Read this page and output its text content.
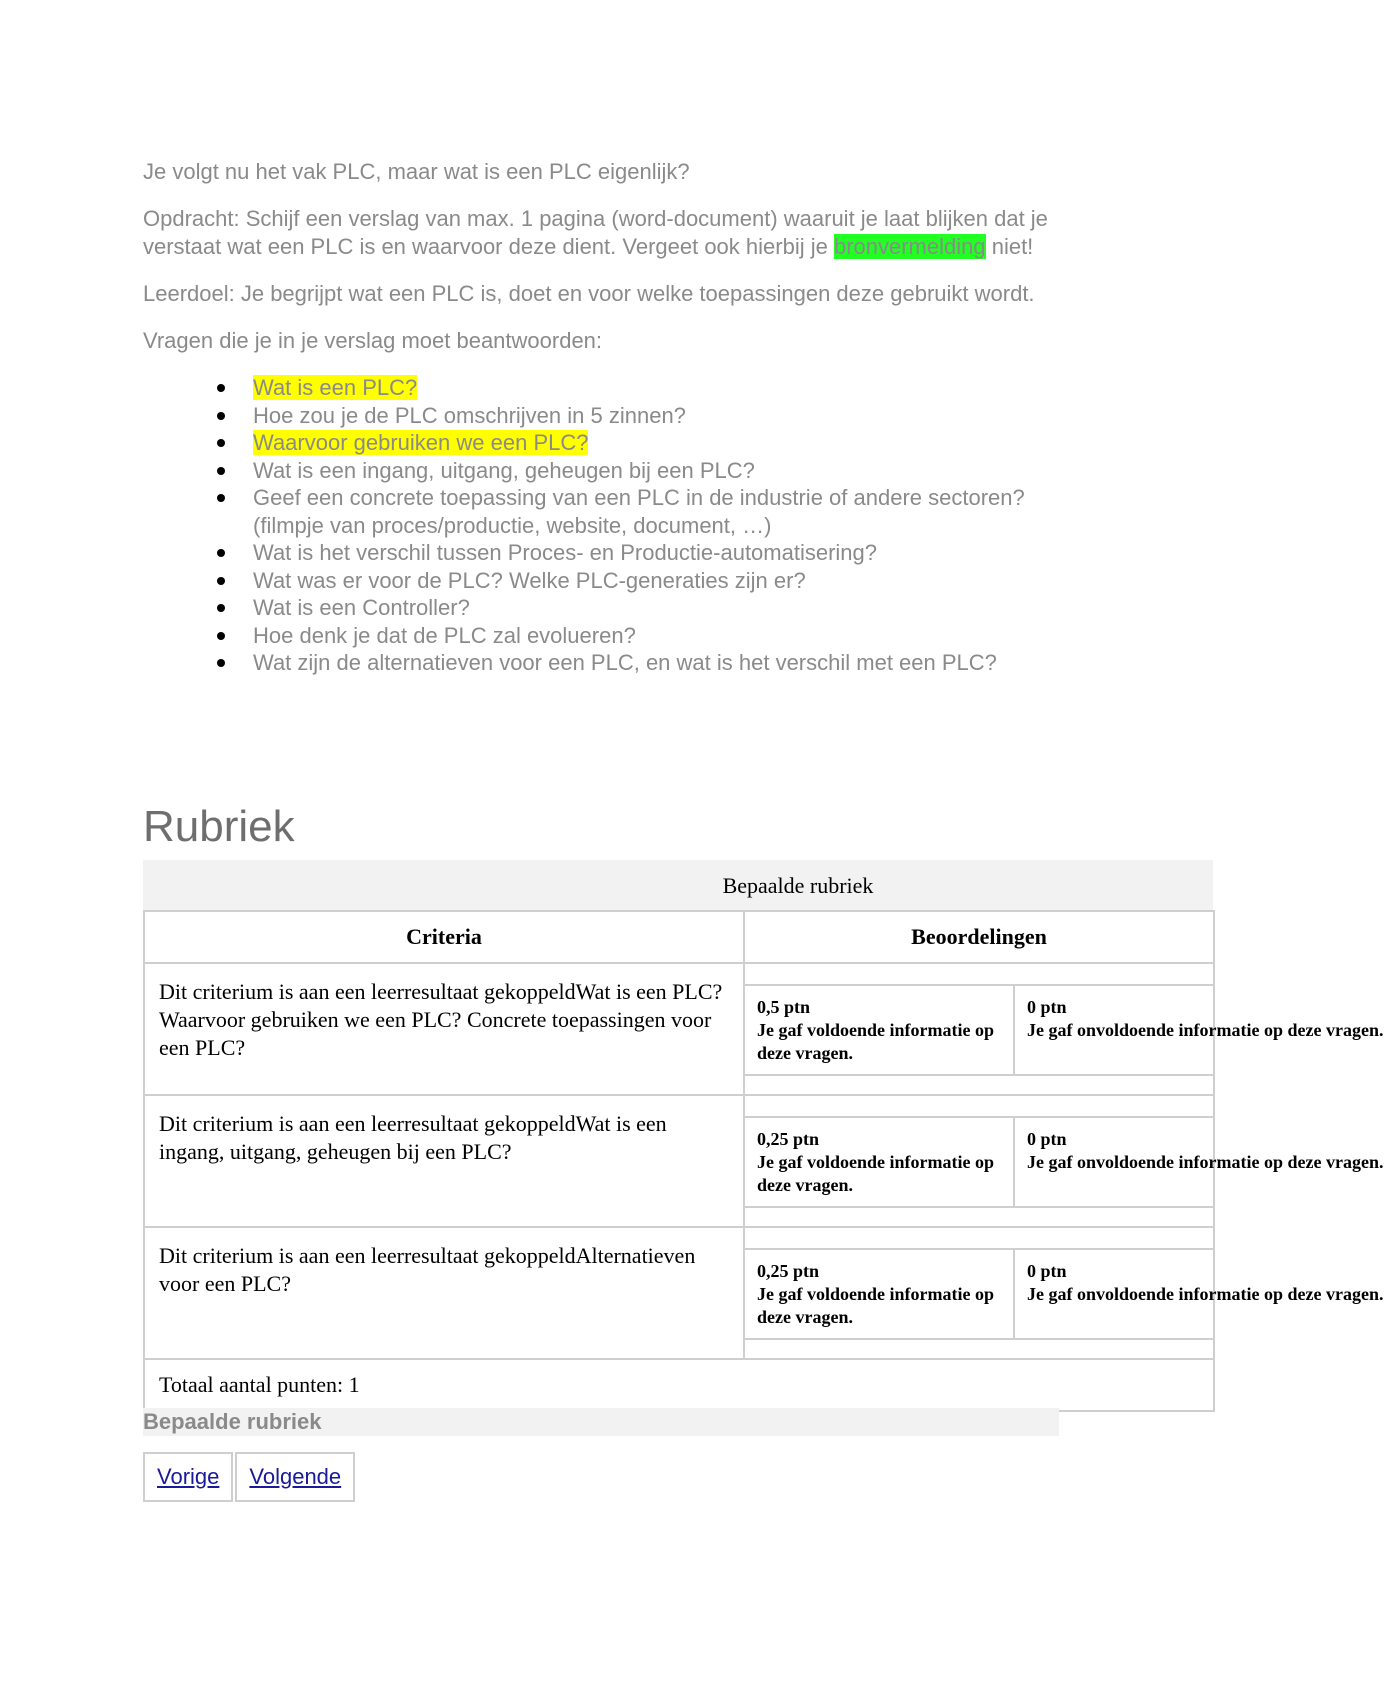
Je volgt nu het vak PLC, maar wat is een PLC eigenlijk?

Opdracht: Schijf een verslag van max. 1 pagina (word-document) waaruit je laat blijken dat je verstaat wat een PLC is en waarvoor deze dient. Vergeet ook hierbij je bronvermelding niet!

Leerdoel: Je begrijpt wat een PLC is, doet en voor welke toepassingen deze gebruikt wordt.

Vragen die je in je verslag moet beantwoorden:

Wat is een PLC?
Hoe zou je de PLC omschrijven in 5 zinnen?
Waarvoor gebruiken we een PLC?
Wat is een ingang, uitgang, geheugen bij een PLC?
Geef een concrete toepassing van een PLC in de industrie of andere sectoren? (filmpje van proces/productie, website, document, …)
Wat is het verschil tussen Proces- en Productie-automatisering?
Wat was er voor de PLC? Welke PLC-generaties zijn er?
Wat is een Controller?
Hoe denk je dat de PLC zal evolueren?
Wat zijn de alternatieven voor een PLC, en wat is het verschil met een PLC?
Rubriek
Bepaalde rubriek
Criteria	Beoordelingen
Dit criterium is aan een leerresultaat gekoppeldWat is een PLC? Waarvoor gebruiken we een PLC? Concrete toepassingen voor een PLC?	0,5 ptn
Je gaf voldoende informatie op deze vragen.
0 ptn
Je gaf onvoldoende informatie op deze vragen.

Dit criterium is aan een leerresultaat gekoppeldWat is een ingang, uitgang, geheugen bij een PLC?	0,25 ptn
Je gaf voldoende informatie op deze vragen.
0 ptn
Je gaf onvoldoende informatie op deze vragen.

Dit criterium is aan een leerresultaat gekoppeldAlternatieven voor een PLC?	0,25 ptn
Je gaf voldoende informatie op deze vragen.
0 ptn
Je gaf onvoldoende informatie op deze vragen.

Totaal aantal punten: 1	
Bepaalde rubriek
Vorige	Volgende
